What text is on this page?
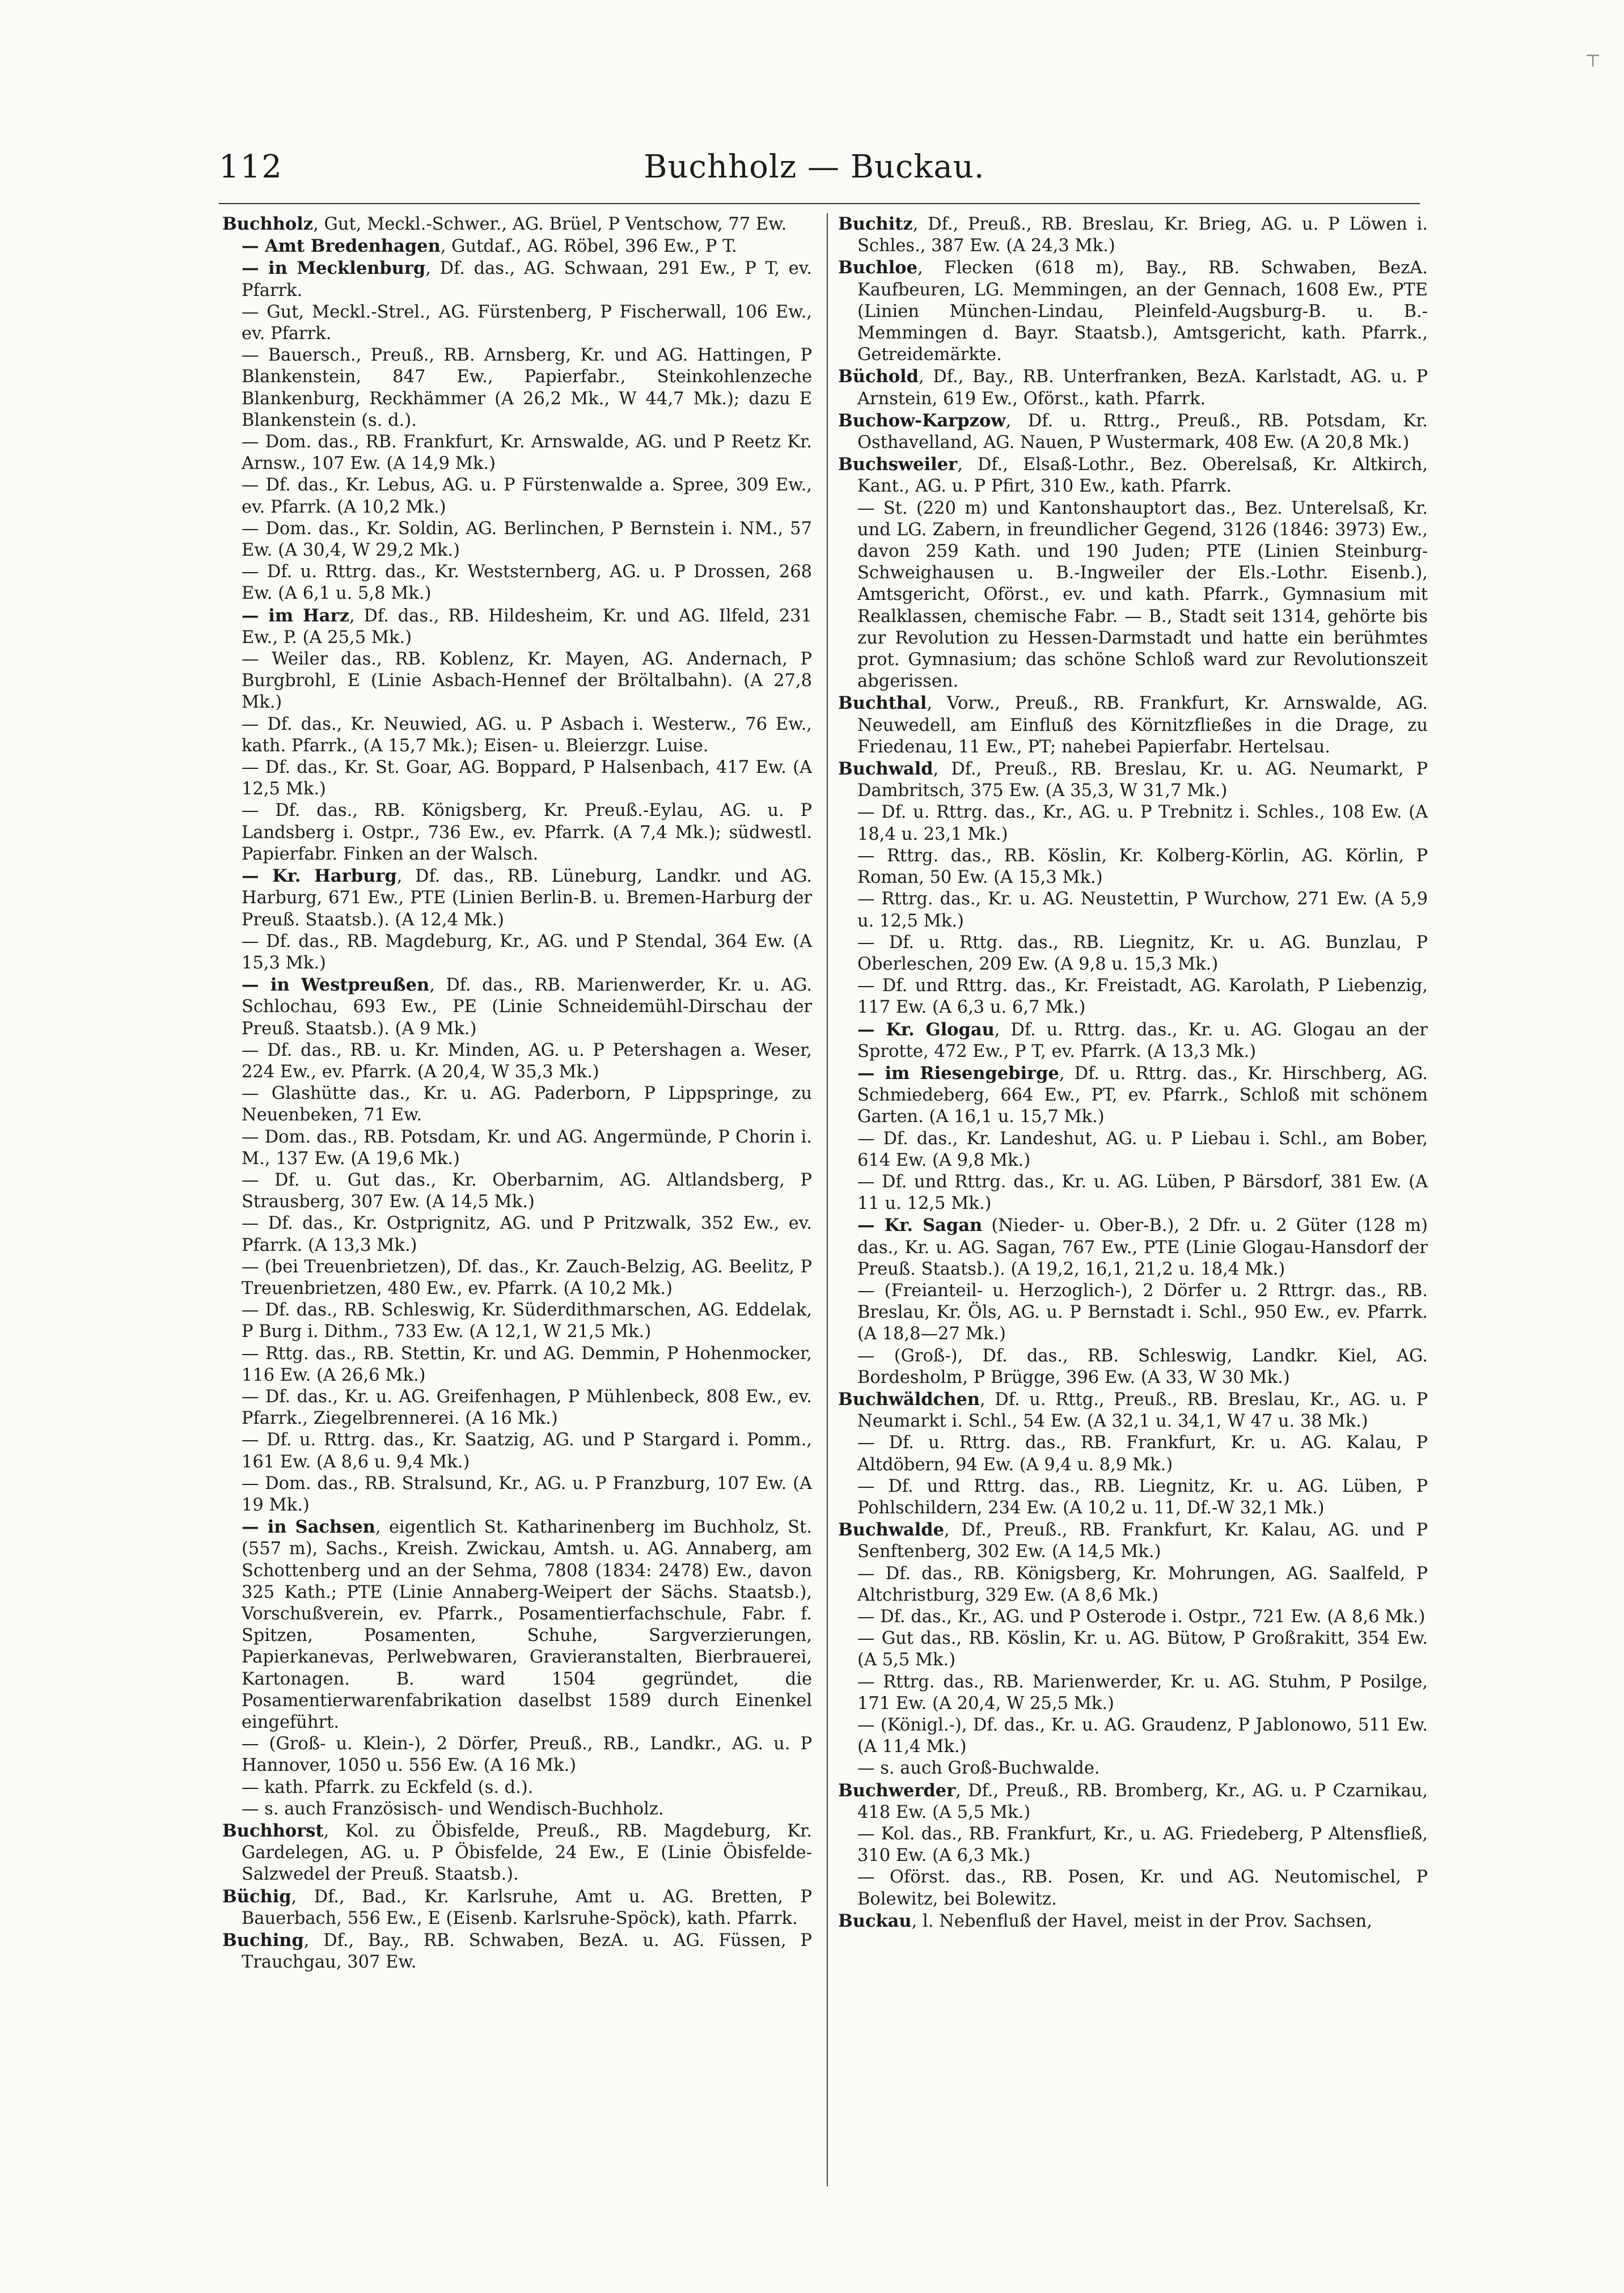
⊤
112	Buchholz — Buckau.

Buchholz, Gut, Meckl.-Schwer., AG. Brüel, P Ventschow, 77 Ew.

— Amt Bredenhagen, Gutdaf., AG. Röbel, 396 Ew., P T.

— in Mecklenburg, Df. das., AG. Schwaan, 291 Ew., P T, ev. Pfarrk.

— Gut, Meckl.-Strel., AG. Fürstenberg, P Fischerwall, 106 Ew., ev. Pfarrk.

— Bauersch., Preuß., RB. Arnsberg, Kr. und AG. Hattingen, P Blankenstein, 847 Ew., Papierfabr., Steinkohlenzeche Blankenburg, Reckhämmer (A 26,2 Mk., W 44,7 Mk.); dazu E Blankenstein (s. d.).

— Dom. das., RB. Frankfurt, Kr. Arnswalde, AG. und P Reetz Kr. Arnsw., 107 Ew. (A 14,9 Mk.)

— Df. das., Kr. Lebus, AG. u. P Fürstenwalde a. Spree, 309 Ew., ev. Pfarrk. (A 10,2 Mk.)

— Dom. das., Kr. Soldin, AG. Berlinchen, P Bernstein i. NM., 57 Ew. (A 30,4, W 29,2 Mk.)

— Df. u. Rttrg. das., Kr. Weststernberg, AG. u. P Drossen, 268 Ew. (A 6,1 u. 5,8 Mk.)

— im Harz, Df. das., RB. Hildesheim, Kr. und AG. Ilfeld, 231 Ew., P. (A 25,5 Mk.)

— Weiler das., RB. Koblenz, Kr. Mayen, AG. Andernach, P Burgbrohl, E (Linie Asbach-Hennef der Bröltalbahn). (A 27,8 Mk.)

— Df. das., Kr. Neuwied, AG. u. P Asbach i. Westerw., 76 Ew., kath. Pfarrk., (A 15,7 Mk.); Eisen- u. Bleierzgr. Luise.

— Df. das., Kr. St. Goar, AG. Boppard, P Halsenbach, 417 Ew. (A 12,5 Mk.)

— Df. das., RB. Königsberg, Kr. Preuß.-Eylau, AG. u. P Landsberg i. Ostpr., 736 Ew., ev. Pfarrk. (A 7,4 Mk.); südwestl. Papierfabr. Finken an der Walsch.

— Kr. Harburg, Df. das., RB. Lüneburg, Landkr. und AG. Harburg, 671 Ew., PTE (Linien Berlin-B. u. Bremen-Harburg der Preuß. Staatsb.). (A 12,4 Mk.)

— Df. das., RB. Magdeburg, Kr., AG. und P Stendal, 364 Ew. (A 15,3 Mk.)

— in Westpreußen, Df. das., RB. Marienwerder, Kr. u. AG. Schlochau, 693 Ew., PE (Linie Schneidemühl-Dirschau der Preuß. Staatsb.). (A 9 Mk.)

— Df. das., RB. u. Kr. Minden, AG. u. P Petershagen a. Weser, 224 Ew., ev. Pfarrk. (A 20,4, W 35,3 Mk.)

— Glashütte das., Kr. u. AG. Paderborn, P Lippspringe, zu Neuenbeken, 71 Ew.

— Dom. das., RB. Potsdam, Kr. und AG. Angermünde, P Chorin i. M., 137 Ew. (A 19,6 Mk.)

— Df. u. Gut das., Kr. Oberbarnim, AG. Altlandsberg, P Strausberg, 307 Ew. (A 14,5 Mk.)

— Df. das., Kr. Ostprignitz, AG. und P Pritzwalk, 352 Ew., ev. Pfarrk. (A 13,3 Mk.)

— (bei Treuenbrietzen), Df. das., Kr. Zauch-Belzig, AG. Beelitz, P Treuenbrietzen, 480 Ew., ev. Pfarrk. (A 10,2 Mk.)

— Df. das., RB. Schleswig, Kr. Süderdithmarschen, AG. Eddelak, P Burg i. Dithm., 733 Ew. (A 12,1, W 21,5 Mk.)

— Rttg. das., RB. Stettin, Kr. und AG. Demmin, P Hohenmocker, 116 Ew. (A 26,6 Mk.)

— Df. das., Kr. u. AG. Greifenhagen, P Mühlenbeck, 808 Ew., ev. Pfarrk., Ziegelbrennerei. (A 16 Mk.)

— Df. u. Rttrg. das., Kr. Saatzig, AG. und P Stargard i. Pomm., 161 Ew. (A 8,6 u. 9,4 Mk.)

— Dom. das., RB. Stralsund, Kr., AG. u. P Franzburg, 107 Ew. (A 19 Mk.)

— in Sachsen, eigentlich St. Katharinenberg im Buchholz, St. (557 m), Sachs., Kreish. Zwickau, Amtsh. u. AG. Annaberg, am Schottenberg und an der Sehma, 7808 (1834: 2478) Ew., davon 325 Kath.; PTE (Linie Annaberg-Weipert der Sächs. Staatsb.), Vorschußverein, ev. Pfarrk., Posamentierfachschule, Fabr. f. Spitzen, Posamenten, Schuhe, Sargverzierungen, Papierkanevas, Perlwebwaren, Gravieranstalten, Bierbrauerei, Kartonagen. B. ward 1504 gegründet, die Posamentierwarenfabrikation daselbst 1589 durch Einenkel eingeführt.

— (Groß- u. Klein-), 2 Dörfer, Preuß., RB., Landkr., AG. u. P Hannover, 1050 u. 556 Ew. (A 16 Mk.)

— kath. Pfarrk. zu Eckfeld (s. d.).

— s. auch Französisch- und Wendisch-Buchholz.

Buchhorst, Kol. zu Öbisfelde, Preuß., RB. Magdeburg, Kr. Gardelegen, AG. u. P Öbisfelde, 24 Ew., E (Linie Öbisfelde-Salzwedel der Preuß. Staatsb.).

Büchig, Df., Bad., Kr. Karlsruhe, Amt u. AG. Bretten, P Bauerbach, 556 Ew., E (Eisenb. Karlsruhe-Spöck), kath. Pfarrk.

Buching, Df., Bay., RB. Schwaben, BezA. u. AG. Füssen, P Trauchgau, 307 Ew.

Buchitz, Df., Preuß., RB. Breslau, Kr. Brieg, AG. u. P Löwen i. Schles., 387 Ew. (A 24,3 Mk.)

Buchloe, Flecken (618 m), Bay., RB. Schwaben, BezA. Kaufbeuren, LG. Memmingen, an der Gennach, 1608 Ew., PTE (Linien München-Lindau, Pleinfeld-Augsburg-B. u. B.-Memmingen d. Bayr. Staatsb.), Amtsgericht, kath. Pfarrk., Getreidemärkte.

Büchold, Df., Bay., RB. Unterfranken, BezA. Karlstadt, AG. u. P Arnstein, 619 Ew., Oförst., kath. Pfarrk.

Buchow-Karpzow, Df. u. Rttrg., Preuß., RB. Potsdam, Kr. Osthavelland, AG. Nauen, P Wustermark, 408 Ew. (A 20,8 Mk.)

Buchsweiler, Df., Elsaß-Lothr., Bez. Oberelsaß, Kr. Altkirch, Kant., AG. u. P Pfirt, 310 Ew., kath. Pfarrk.

— St. (220 m) und Kantonshauptort das., Bez. Unterelsaß, Kr. und LG. Zabern, in freundlicher Gegend, 3126 (1846: 3973) Ew., davon 259 Kath. und 190 Juden; PTE (Linien Steinburg-Schweighausen u. B.-Ingweiler der Els.-Lothr. Eisenb.), Amtsgericht, Oförst., ev. und kath. Pfarrk., Gymnasium mit Realklassen, chemische Fabr. — B., Stadt seit 1314, gehörte bis zur Revolution zu Hessen-Darmstadt und hatte ein berühmtes prot. Gymnasium; das schöne Schloß ward zur Revolutionszeit abgerissen.

Buchthal, Vorw., Preuß., RB. Frankfurt, Kr. Arnswalde, AG. Neuwedell, am Einfluß des Körnitzfließes in die Drage, zu Friedenau, 11 Ew., PT; nahebei Papierfabr. Hertelsau.

Buchwald, Df., Preuß., RB. Breslau, Kr. u. AG. Neumarkt, P Dambritsch, 375 Ew. (A 35,3, W 31,7 Mk.)

— Df. u. Rttrg. das., Kr., AG. u. P Trebnitz i. Schles., 108 Ew. (A 18,4 u. 23,1 Mk.)

— Rttrg. das., RB. Köslin, Kr. Kolberg-Körlin, AG. Körlin, P Roman, 50 Ew. (A 15,3 Mk.)

— Rttrg. das., Kr. u. AG. Neustettin, P Wurchow, 271 Ew. (A 5,9 u. 12,5 Mk.)

— Df. u. Rttg. das., RB. Liegnitz, Kr. u. AG. Bunzlau, P Oberleschen, 209 Ew. (A 9,8 u. 15,3 Mk.)

— Df. und Rttrg. das., Kr. Freistadt, AG. Karolath, P Liebenzig, 117 Ew. (A 6,3 u. 6,7 Mk.)

— Kr. Glogau, Df. u. Rttrg. das., Kr. u. AG. Glogau an der Sprotte, 472 Ew., P T, ev. Pfarrk. (A 13,3 Mk.)

— im Riesengebirge, Df. u. Rttrg. das., Kr. Hirschberg, AG. Schmiedeberg, 664 Ew., PT, ev. Pfarrk., Schloß mit schönem Garten. (A 16,1 u. 15,7 Mk.)

— Df. das., Kr. Landeshut, AG. u. P Liebau i. Schl., am Bober, 614 Ew. (A 9,8 Mk.)

— Df. und Rttrg. das., Kr. u. AG. Lüben, P Bärsdorf, 381 Ew. (A 11 u. 12,5 Mk.)

— Kr. Sagan (Nieder- u. Ober-B.), 2 Dfr. u. 2 Güter (128 m) das., Kr. u. AG. Sagan, 767 Ew., PTE (Linie Glogau-Hansdorf der Preuß. Staatsb.). (A 19,2, 16,1, 21,2 u. 18,4 Mk.)

— (Freianteil- u. Herzoglich-), 2 Dörfer u. 2 Rttrgr. das., RB. Breslau, Kr. Öls, AG. u. P Bernstadt i. Schl., 950 Ew., ev. Pfarrk. (A 18,8—27 Mk.)

— (Groß-), Df. das., RB. Schleswig, Landkr. Kiel, AG. Bordesholm, P Brügge, 396 Ew. (A 33, W 30 Mk.)

Buchwäldchen, Df. u. Rttg., Preuß., RB. Breslau, Kr., AG. u. P Neumarkt i. Schl., 54 Ew. (A 32,1 u. 34,1, W 47 u. 38 Mk.)

— Df. u. Rttrg. das., RB. Frankfurt, Kr. u. AG. Kalau, P Altdöbern, 94 Ew. (A 9,4 u. 8,9 Mk.)

— Df. und Rttrg. das., RB. Liegnitz, Kr. u. AG. Lüben, P Pohlschildern, 234 Ew. (A 10,2 u. 11, Df.-W 32,1 Mk.)

Buchwalde, Df., Preuß., RB. Frankfurt, Kr. Kalau, AG. und P Senftenberg, 302 Ew. (A 14,5 Mk.)

— Df. das., RB. Königsberg, Kr. Mohrungen, AG. Saalfeld, P Altchristburg, 329 Ew. (A 8,6 Mk.)

— Df. das., Kr., AG. und P Osterode i. Ostpr., 721 Ew. (A 8,6 Mk.)

— Gut das., RB. Köslin, Kr. u. AG. Bütow, P Großrakitt, 354 Ew. (A 5,5 Mk.)

— Rttrg. das., RB. Marienwerder, Kr. u. AG. Stuhm, P Posilge, 171 Ew. (A 20,4, W 25,5 Mk.)

— (Königl.-), Df. das., Kr. u. AG. Graudenz, P Jablonowo, 511 Ew. (A 11,4 Mk.)

— s. auch Groß-Buchwalde.

Buchwerder, Df., Preuß., RB. Bromberg, Kr., AG. u. P Czarnikau, 418 Ew. (A 5,5 Mk.)

— Kol. das., RB. Frankfurt, Kr., u. AG. Friedeberg, P Altensfließ, 310 Ew. (A 6,3 Mk.)

— Oförst. das., RB. Posen, Kr. und AG. Neutomischel, P Bolewitz, bei Bolewitz.

Buckau, l. Nebenfluß der Havel, meist in der Prov. Sachsen,
